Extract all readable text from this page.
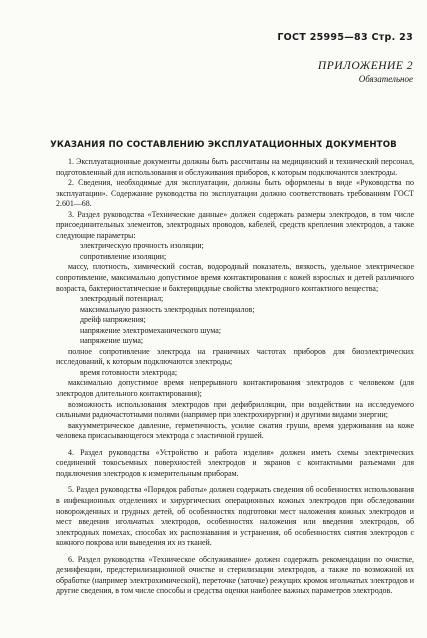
ГОСТ 25995—83 Стр. 23
ПРИЛОЖЕНИЕ 2
Обязательное
УКАЗАНИЯ ПО СОСТАВЛЕНИЮ ЭКСПЛУАТАЦИОННЫХ ДОКУМЕНТОВ

1. Эксплуатационные документы должны быть рассчитаны на медицинский и технический персонал, подготовленный для использования и обслуживания приборов, к которым подключаются электроды.

2. Сведения, необходимые для эксплуатации, должны быть оформлены в виде «Руководства по эксплуатации». Содержание руководства по эксплуатации должно соответствовать требованиям ГОСТ 2.601—68.

3. Раздел руководства «Технические данные» должен содержать размеры электродов, в том числе присоединительных элементов, электродных проводов, кабелей, средств крепления электродов, а также следующие параметры:

электрическую прочность изоляции;

сопротивление изоляции;

массу, плотность, химический состав, водородный показатель, вязкость, удельное электрическое сопротивление, максимально допустимое время контактирования с кожей взрослых и детей различного возраста, бактериостатические и бактерицидные свойства электродного контактного вещества;

электродный потенциал;

максимальную разность электродных потенциалов;

дрейф напряжения;

напряжение электромеханического шума;

напряжение шума;

полное сопротивление электрода на граничных частотах приборов для биоэлектрических исследований, к которым подключаются электроды;

время готовности электрода;

максимально допустимое время непрерывного контактирования электродов с человеком (для электродов длительного контактирования);

возможность использования электродов при дефибрилляции, при воздействии на исследуемого сильными радиочастотными полями (например при электрохирургии) и другими видами энергии;

вакуумметрическое давление, герметичность, усилие сжатия груши, время удерживания на коже человека присасывающегося электрода с эластичной грушей.

4. Раздел руководства «Устройство и работа изделия» должен иметь схемы электрических соединений токосъемных поверхностей электродов и экранов с контактными разъемами для подключения электродов к измерительным приборам.

5. Раздел руководства «Порядок работы» должен содержать сведения об особенностях использования в инфекционных отделениях и хирургических операционных кожных электродов при обследовании новорожденных и грудных детей, об особенностях подготовки мест наложения кожных электродов и мест введения игольчатых электродов, особенностях наложения или введения электродов, об электродных помехах, способах их распознавания и устранения, об особенностях снятия электродов с кожного покрова или выведения их из тканей.

6. Раздел руководства «Техническое обслуживание» должен содержать рекомендации по очистке, дезинфекции, предстерилизационной очистке и стерилизации электродов, а также по возможной их обработке (например электрохимической), переточке (заточке) режущих кромок игольчатых электродов и другие сведения, в том числе способы и средства оценки наиболее важных параметров электродов.
